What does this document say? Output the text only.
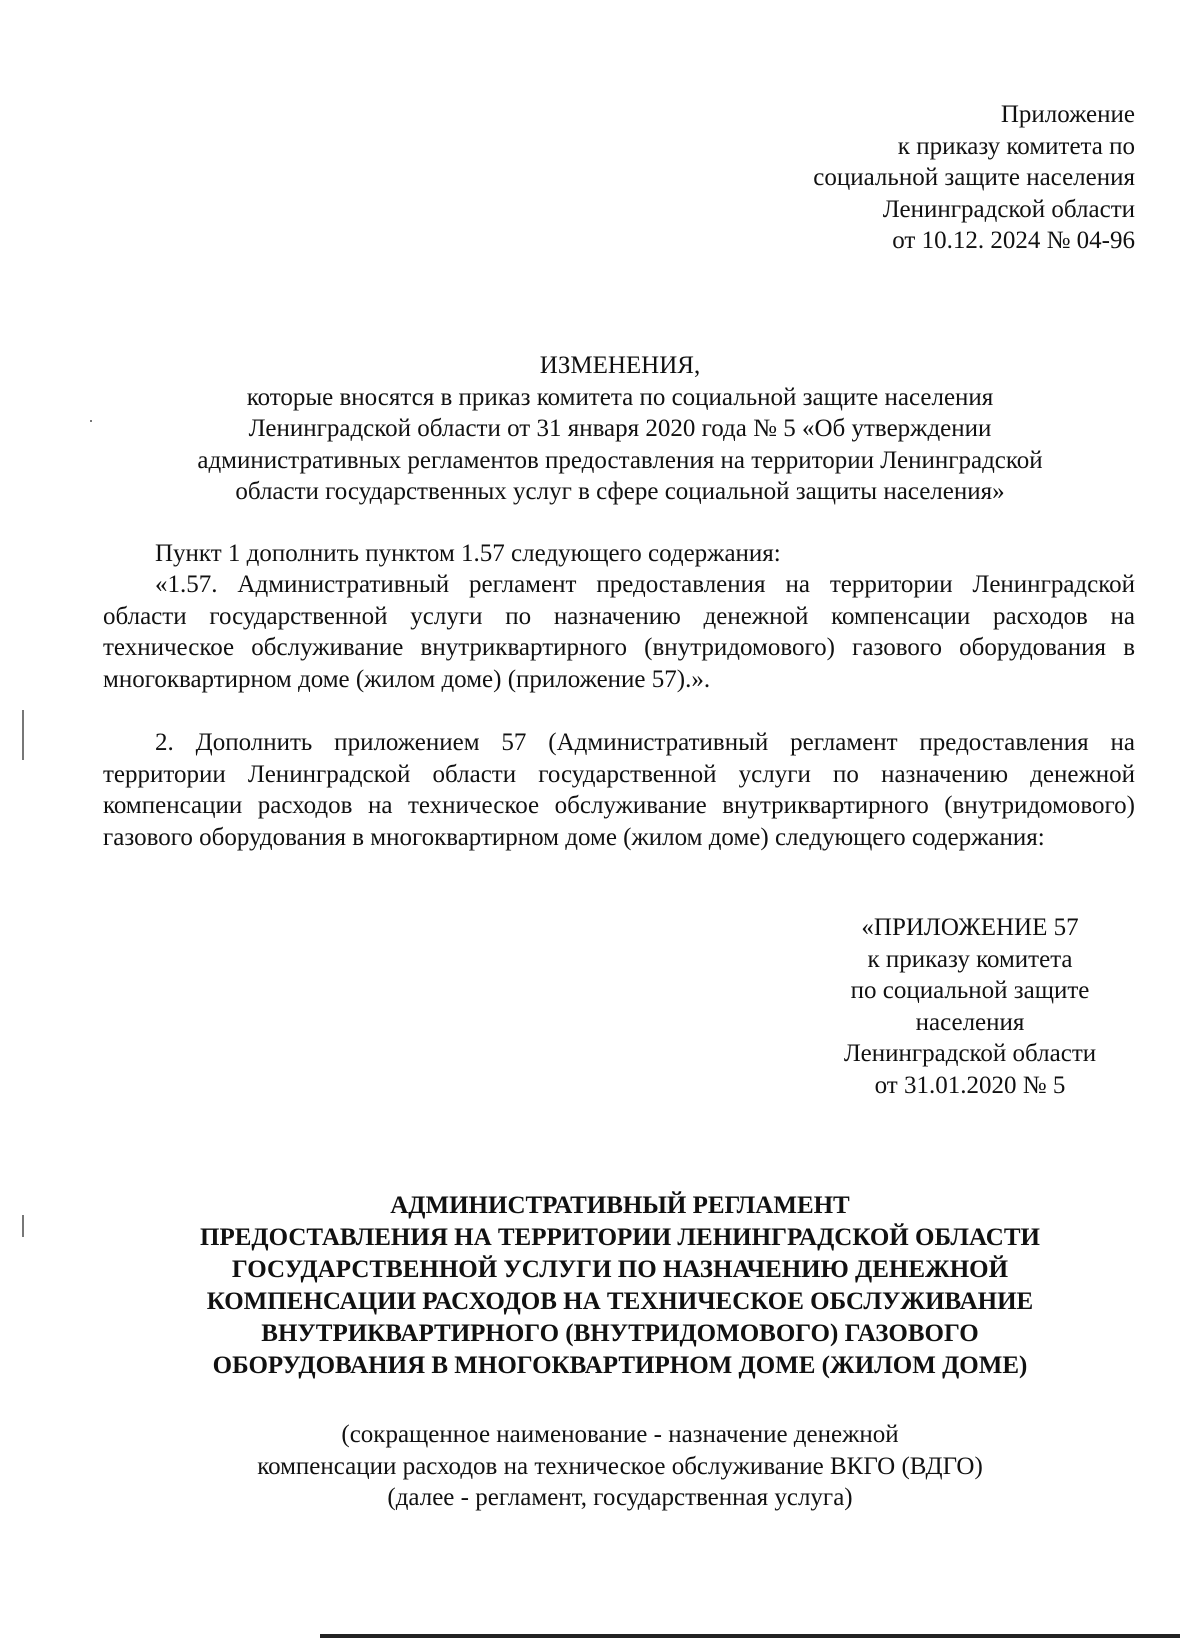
Приложение
к приказу комитета по
социальной защите населения
Ленинградской области
от 10.12. 2024 № 04-96
ИЗМЕНЕНИЯ,
которые вносятся в приказ комитета по социальной защите населения
Ленинградской области от 31 января 2020 года № 5 «Об утверждении
административных регламентов предоставления на территории Ленинградской
области государственных услуг в сфере социальной защиты населения»
Пункт 1 дополнить пунктом 1.57 следующего содержания:
«1.57. Административный регламент предоставления на территории Ленинградской области государственной услуги по назначению денежной компенсации расходов на техническое обслуживание внутриквартирного (внутридомового) газового оборудования в многоквартирном доме (жилом доме) (приложение 57).».
2. Дополнить приложением 57 (Административный регламент предоставления на территории Ленинградской области государственной услуги по назначению денежной компенсации расходов на техническое обслуживание внутриквартирного (внутридомового) газового оборудования в многоквартирном доме (жилом доме) следующего содержания:
«ПРИЛОЖЕНИЕ 57
к приказу комитета
по социальной защите
населения
Ленинградской области
от 31.01.2020 № 5
АДМИНИСТРАТИВНЫЙ РЕГЛАМЕНТ
ПРЕДОСТАВЛЕНИЯ НА ТЕРРИТОРИИ ЛЕНИНГРАДСКОЙ ОБЛАСТИ
ГОСУДАРСТВЕННОЙ УСЛУГИ ПО НАЗНАЧЕНИЮ ДЕНЕЖНОЙ
КОМПЕНСАЦИИ РАСХОДОВ НА ТЕХНИЧЕСКОЕ ОБСЛУЖИВАНИЕ
ВНУТРИКВАРТИРНОГО (ВНУТРИДОМОВОГО) ГАЗОВОГО
ОБОРУДОВАНИЯ В МНОГОКВАРТИРНОМ ДОМЕ (ЖИЛОМ ДОМЕ)
(сокращенное наименование - назначение денежной
компенсации расходов на техническое обслуживание ВКГО (ВДГО)
(далее - регламент, государственная услуга)
